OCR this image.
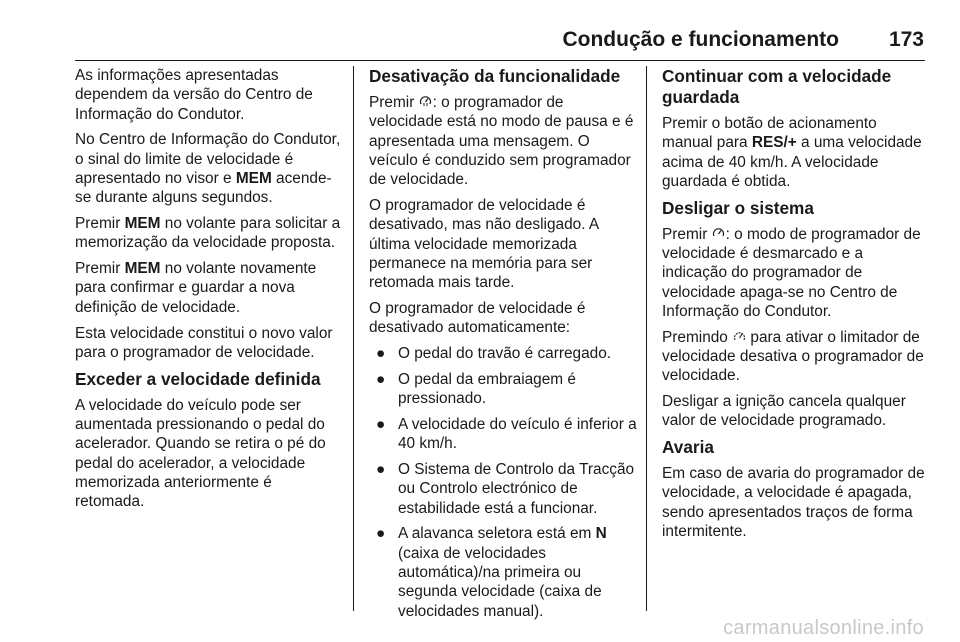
Condução e funcionamento 173

As informações apresentadas dependem da versão do Centro de Informação do Condutor.

No Centro de Informação do Condutor, o sinal do limite de velocidade é apresentado no visor e MEM acende-se durante alguns segundos.

Premir MEM no volante para solicitar a memorização da velocidade proposta.

Premir MEM no volante novamente para confirmar e guardar a nova definição de velocidade.

Esta velocidade constitui o novo valor para o programador de velocidade.

Exceder a velocidade definida

A velocidade do veículo pode ser aumentada pressionando o pedal do acelerador. Quando se retira o pé do pedal do acelerador, a velocidade memorizada anteriormente é retomada.

Desativação da funcionalidade

Premir : o programador de velocidade está no modo de pausa e é apresentada uma mensagem. O veículo é conduzido sem programador de velocidade.

O programador de velocidade é desativado, mas não desligado. A última velocidade memorizada permanece na memória para ser retomada mais tarde.

O programador de velocidade é desativado automaticamente:

● O pedal do travão é carregado.
● O pedal da embraiagem é pressionado.
● A velocidade do veículo é inferior a 40 km/h.
● O Sistema de Controlo da Tracção ou Controlo electrónico de estabilidade está a funcionar.
● A alavanca seletora está em N (caixa de velocidades automática)/na primeira ou segunda velocidade (caixa de velocidades manual).
Continuar com a velocidade guardada

Premir o botão de acionamento manual para RES/+ a uma velocidade acima de 40 km/h. A velocidade guardada é obtida.

Desligar o sistema

Premir : o modo de programador de velocidade é desmarcado e a indicação do programador de velocidade apaga-se no Centro de Informação do Condutor.

Premindo  para ativar o limitador de velocidade desativa o programador de velocidade.

Desligar a ignição cancela qualquer valor de velocidade programado.

Avaria

Em caso de avaria do programador de velocidade, a velocidade é apagada, sendo apresentados traços de forma intermitente.

carmanualsonline.info
